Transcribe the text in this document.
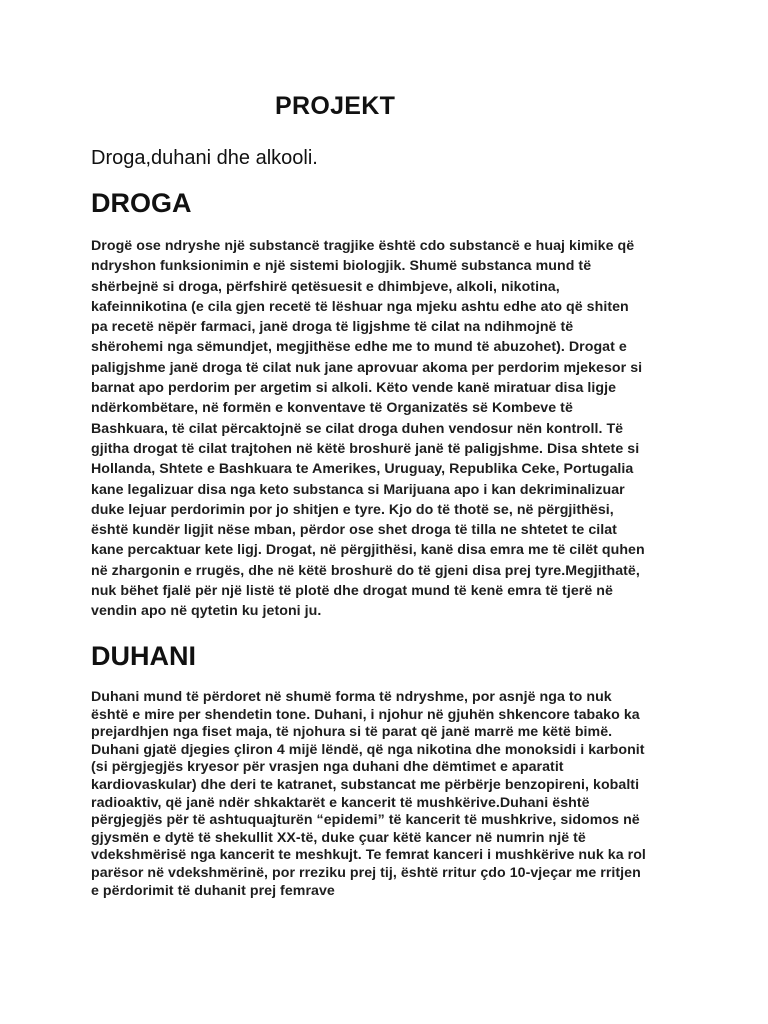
PROJEKT
Droga,duhani dhe alkooli.
DROGA

Drogë ose ndryshe një substancë tragjike është cdo substancë e huaj kimike që
ndryshon funksionimin e një sistemi biologjik. Shumë substanca mund të
shërbejnë si droga, përfshirë qetësuesit e dhimbjeve, alkoli, nikotina,
kafeinnikotina (e cila gjen recetë të lëshuar nga mjeku ashtu edhe ato që shiten
pa recetë nëpër farmaci, janë droga të ligjshme të cilat na ndihmojnë të
shërohemi nga sëmundjet, megjithëse edhe me to mund të abuzohet). Drogat e
paligjshme janë droga të cilat nuk jane aprovuar akoma per perdorim mjekesor si
barnat apo perdorim per argetim si alkoli. Këto vende kanë miratuar disa ligje
ndërkombëtare, në formën e konventave të Organizatës së Kombeve të
Bashkuara, të cilat përcaktojnë se cilat droga duhen vendosur nën kontroll. Të
gjitha drogat të cilat trajtohen në këtë broshurë janë të paligjshme. Disa shtete si
Hollanda, Shtete e Bashkuara te Amerikes, Uruguay, Republika Ceke, Portugalia
kane legalizuar disa nga keto substanca si Marijuana apo i kan dekriminalizuar
duke lejuar perdorimin por jo shitjen e tyre. Kjo do të thotë se, në përgjithësi,
është kundër ligjit nëse mban, përdor ose shet droga të tilla ne shtetet te cilat
kane percaktuar kete ligj. Drogat, në përgjithësi, kanë disa emra me të cilët quhen
në zhargonin e rrugës, dhe në këtë broshurë do të gjeni disa prej tyre.Megjithatë,
nuk bëhet fjalë për një listë të plotë dhe drogat mund të kenë emra të tjerë në
vendin apo në qytetin ku jetoni ju.

DUHANI

Duhani mund të përdoret në shumë forma të ndryshme, por asnjë nga to nuk
është e mire per shendetin tone. Duhani, i njohur në gjuhën shkencore tabako ka
prejardhjen nga fiset maja, të njohura si të parat që janë marrë me këtë bimë.
Duhani gjatë djegies çliron 4 mijë lëndë, që nga nikotina dhe monoksidi i karbonit
(si përgjegjës kryesor për vrasjen nga duhani dhe dëmtimet e aparatit
kardiovaskular) dhe deri te katranet, substancat me përbërje benzopireni, kobalti
radioaktiv, që janë ndër shkaktarët e kancerit të mushkërive.Duhani është
përgjegjës për të ashtuquajturën “epidemi” të kancerit të mushkrive, sidomos në
gjysmën e dytë të shekullit XX-të, duke çuar këtë kancer në numrin një të
vdekshmërisë nga kancerit te meshkujt. Te femrat kanceri i mushkërive nuk ka rol
parësor në vdekshmërinë, por rreziku prej tij, është rritur çdo 10-vjeçar me rritjen
e përdorimit të duhanit prej femrave
